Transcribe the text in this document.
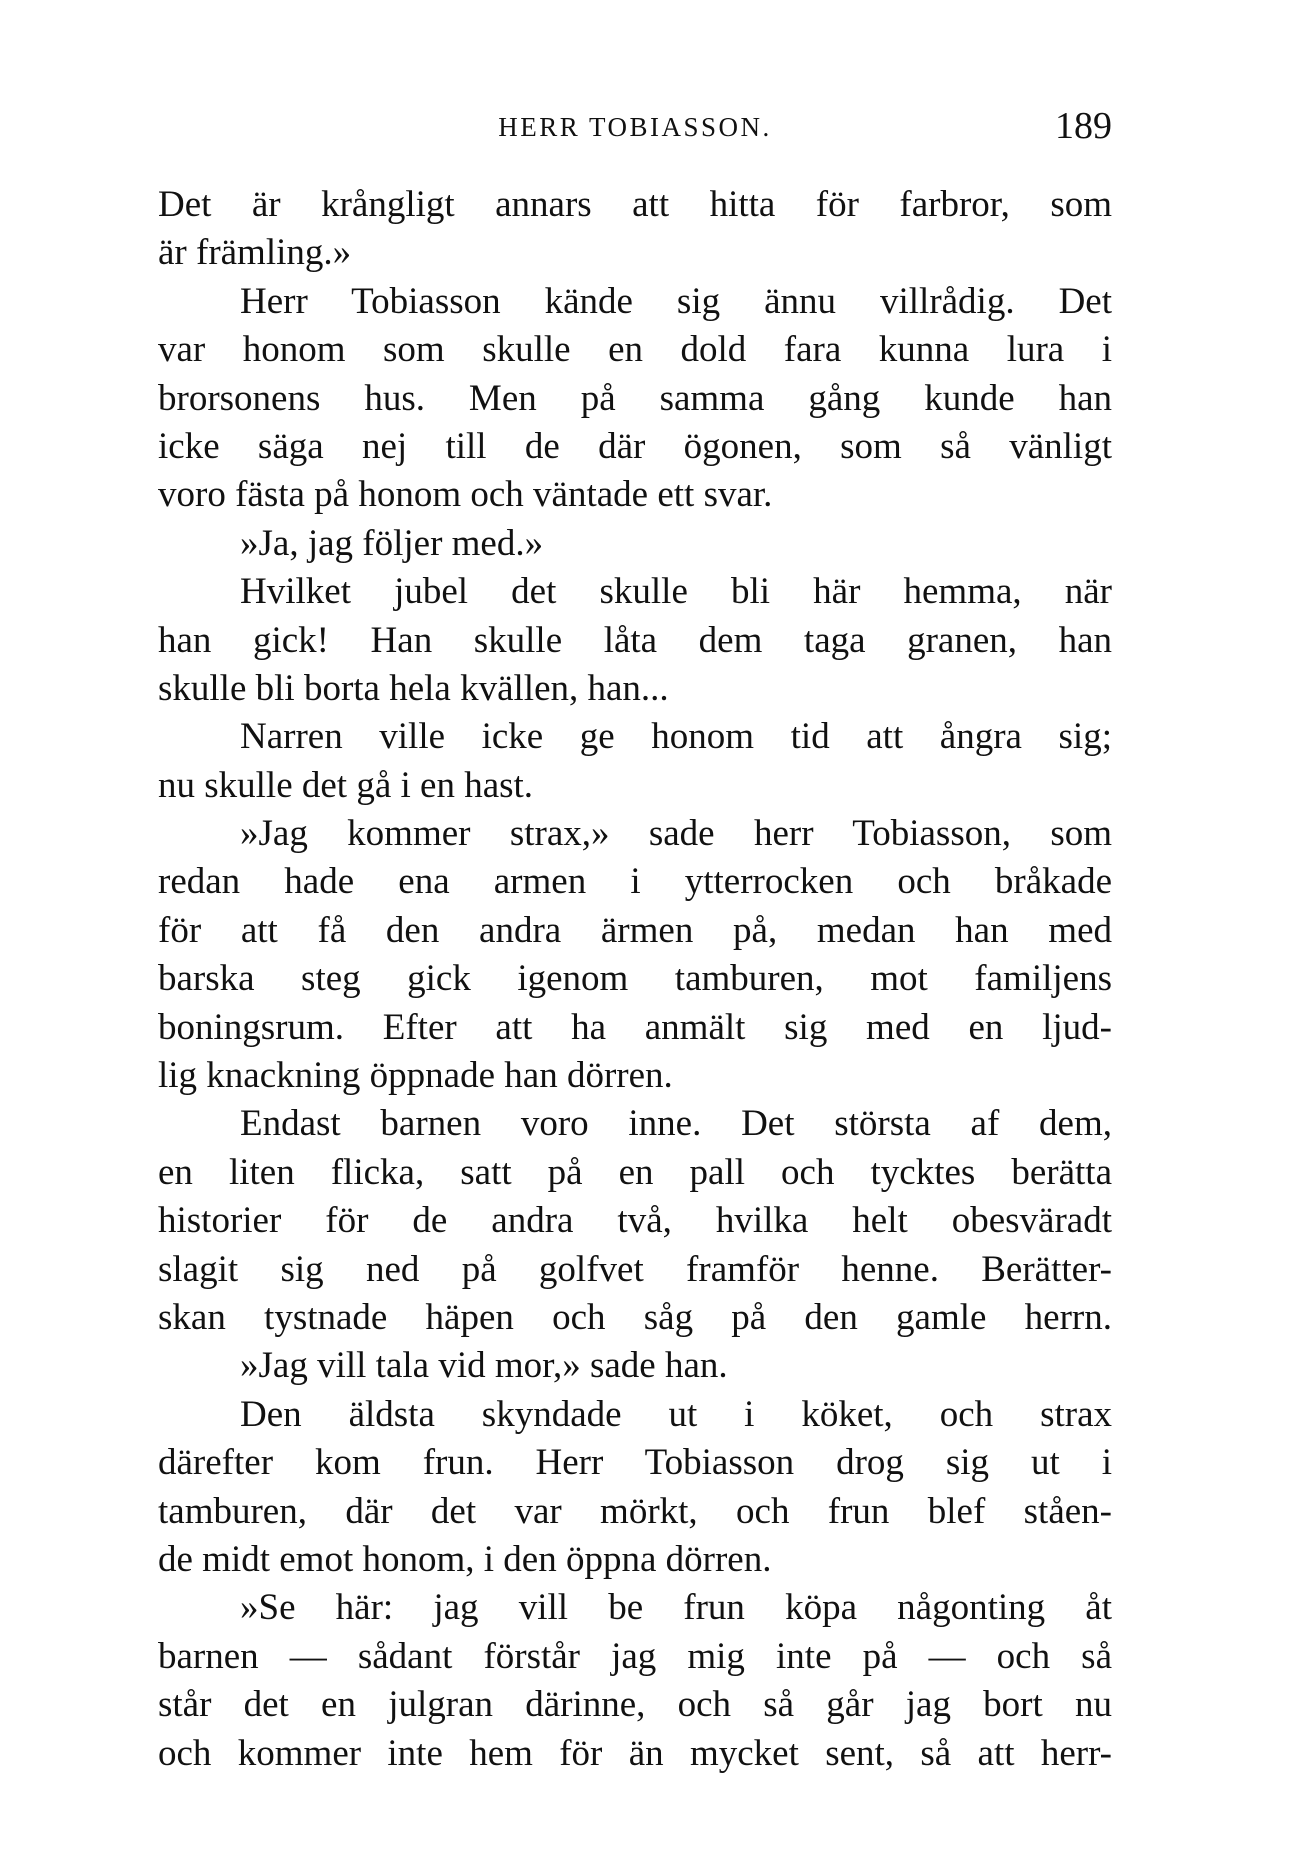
HERR TOBIASSON.	189
Det är krångligt annars att hitta för farbror, som
är främling.»
Herr Tobiasson kände sig ännu villrådig. Det
var honom som skulle en dold fara kunna lura i
brorsonens hus. Men på samma gång kunde han
icke säga nej till de där ögonen, som så vänligt
voro fästa på honom och väntade ett svar.
»Ja, jag följer med.»
Hvilket jubel det skulle bli här hemma, när
han gick! Han skulle låta dem taga granen, han
skulle bli borta hela kvällen, han...
Narren ville icke ge honom tid att ångra sig;
nu skulle det gå i en hast.
»Jag kommer strax,» sade herr Tobiasson, som
redan hade ena armen i ytterrocken och bråkade
för att få den andra ärmen på, medan han med
barska steg gick igenom tamburen, mot familjens
boningsrum. Efter att ha anmält sig med en ljud-
lig knackning öppnade han dörren.
Endast barnen voro inne. Det största af dem,
en liten flicka, satt på en pall och tycktes berätta
historier för de andra två, hvilka helt obesväradt
slagit sig ned på golfvet framför henne. Berätter-
skan tystnade häpen och såg på den gamle herrn.
»Jag vill tala vid mor,» sade han.
Den äldsta skyndade ut i köket, och strax
därefter kom frun. Herr Tobiasson drog sig ut i
tamburen, där det var mörkt, och frun blef ståen-
de midt emot honom, i den öppna dörren.
»Se här: jag vill be frun köpa någonting åt
barnen — sådant förstår jag mig inte på — och så
står det en julgran därinne, och så går jag bort nu
och kommer inte hem för än mycket sent, så att herr-
